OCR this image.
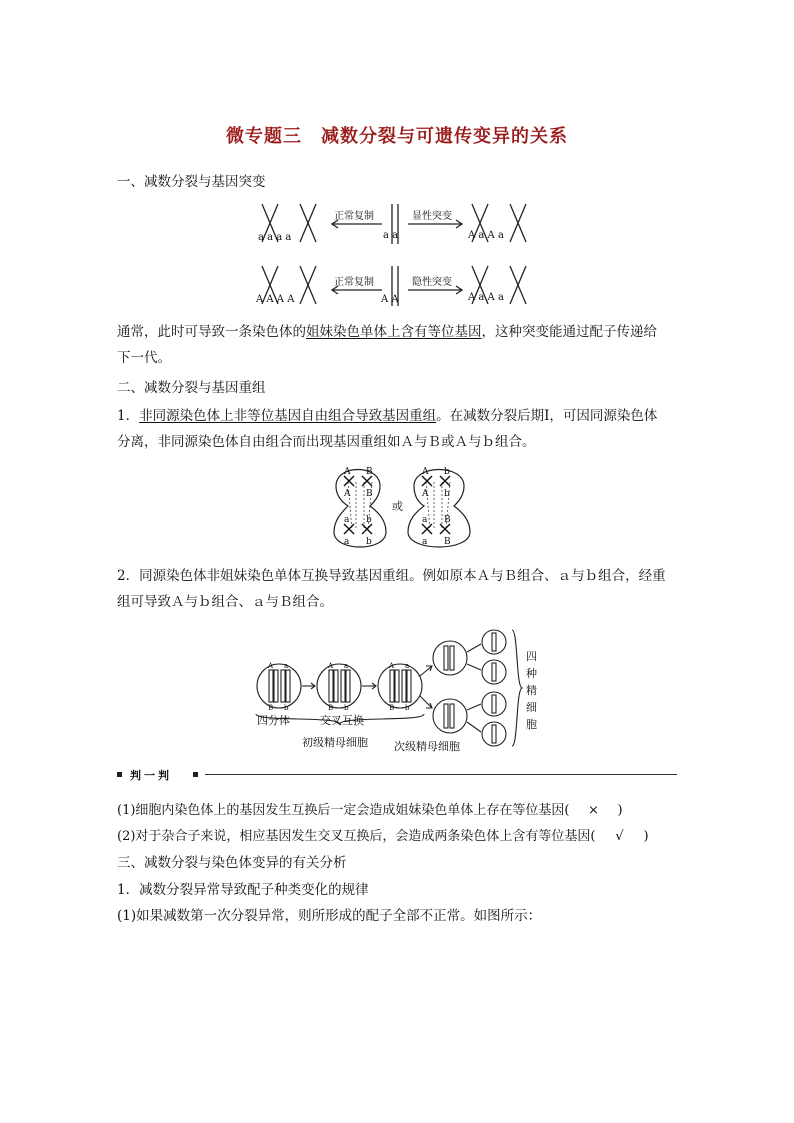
微专题三　减数分裂与可遗传变异的关系
一、减数分裂与基因突变
正常复制	显性突变
a a a a	a a	A a A a
正常复制	隐性突变
A A A A	A A	A a A a
通常，此时可导致一条染色体的姐妹染色单体上含有等位基因，这种突变能通过配子传递给
下一代。
二、减数分裂与基因重组
1．非同源染色体上非等位基因自由组合导致基因重组。在减数分裂后期Ⅰ，可因同源染色体
分离，非同源染色体自由组合而出现基因重组如Ａ与Ｂ或Ａ与ｂ组合。
A B
A B
a b
a b
A b
A b
a B
a B
或
2．同源染色体非姐妹染色单体互换导致基因重组。例如原本Ａ与Ｂ组合、ａ与ｂ组合，经重
组可导致Ａ与ｂ组合、ａ与Ｂ组合。
A a
B b
A a
B b
A a
B b
四分体	交叉互换
初级精母细胞 次级精母细胞
四
种
精
细
胞
判一判
(1)细胞内染色体上的基因发生互换后一定会造成姐妹染色单体上存在等位基因( × )
(2)对于杂合子来说，相应基因发生交叉互换后，会造成两条染色体上含有等位基因( √ )
三、减数分裂与染色体变异的有关分析
1．减数分裂异常导致配子种类变化的规律
(1)如果减数第一次分裂异常，则所形成的配子全部不正常。如图所示：
